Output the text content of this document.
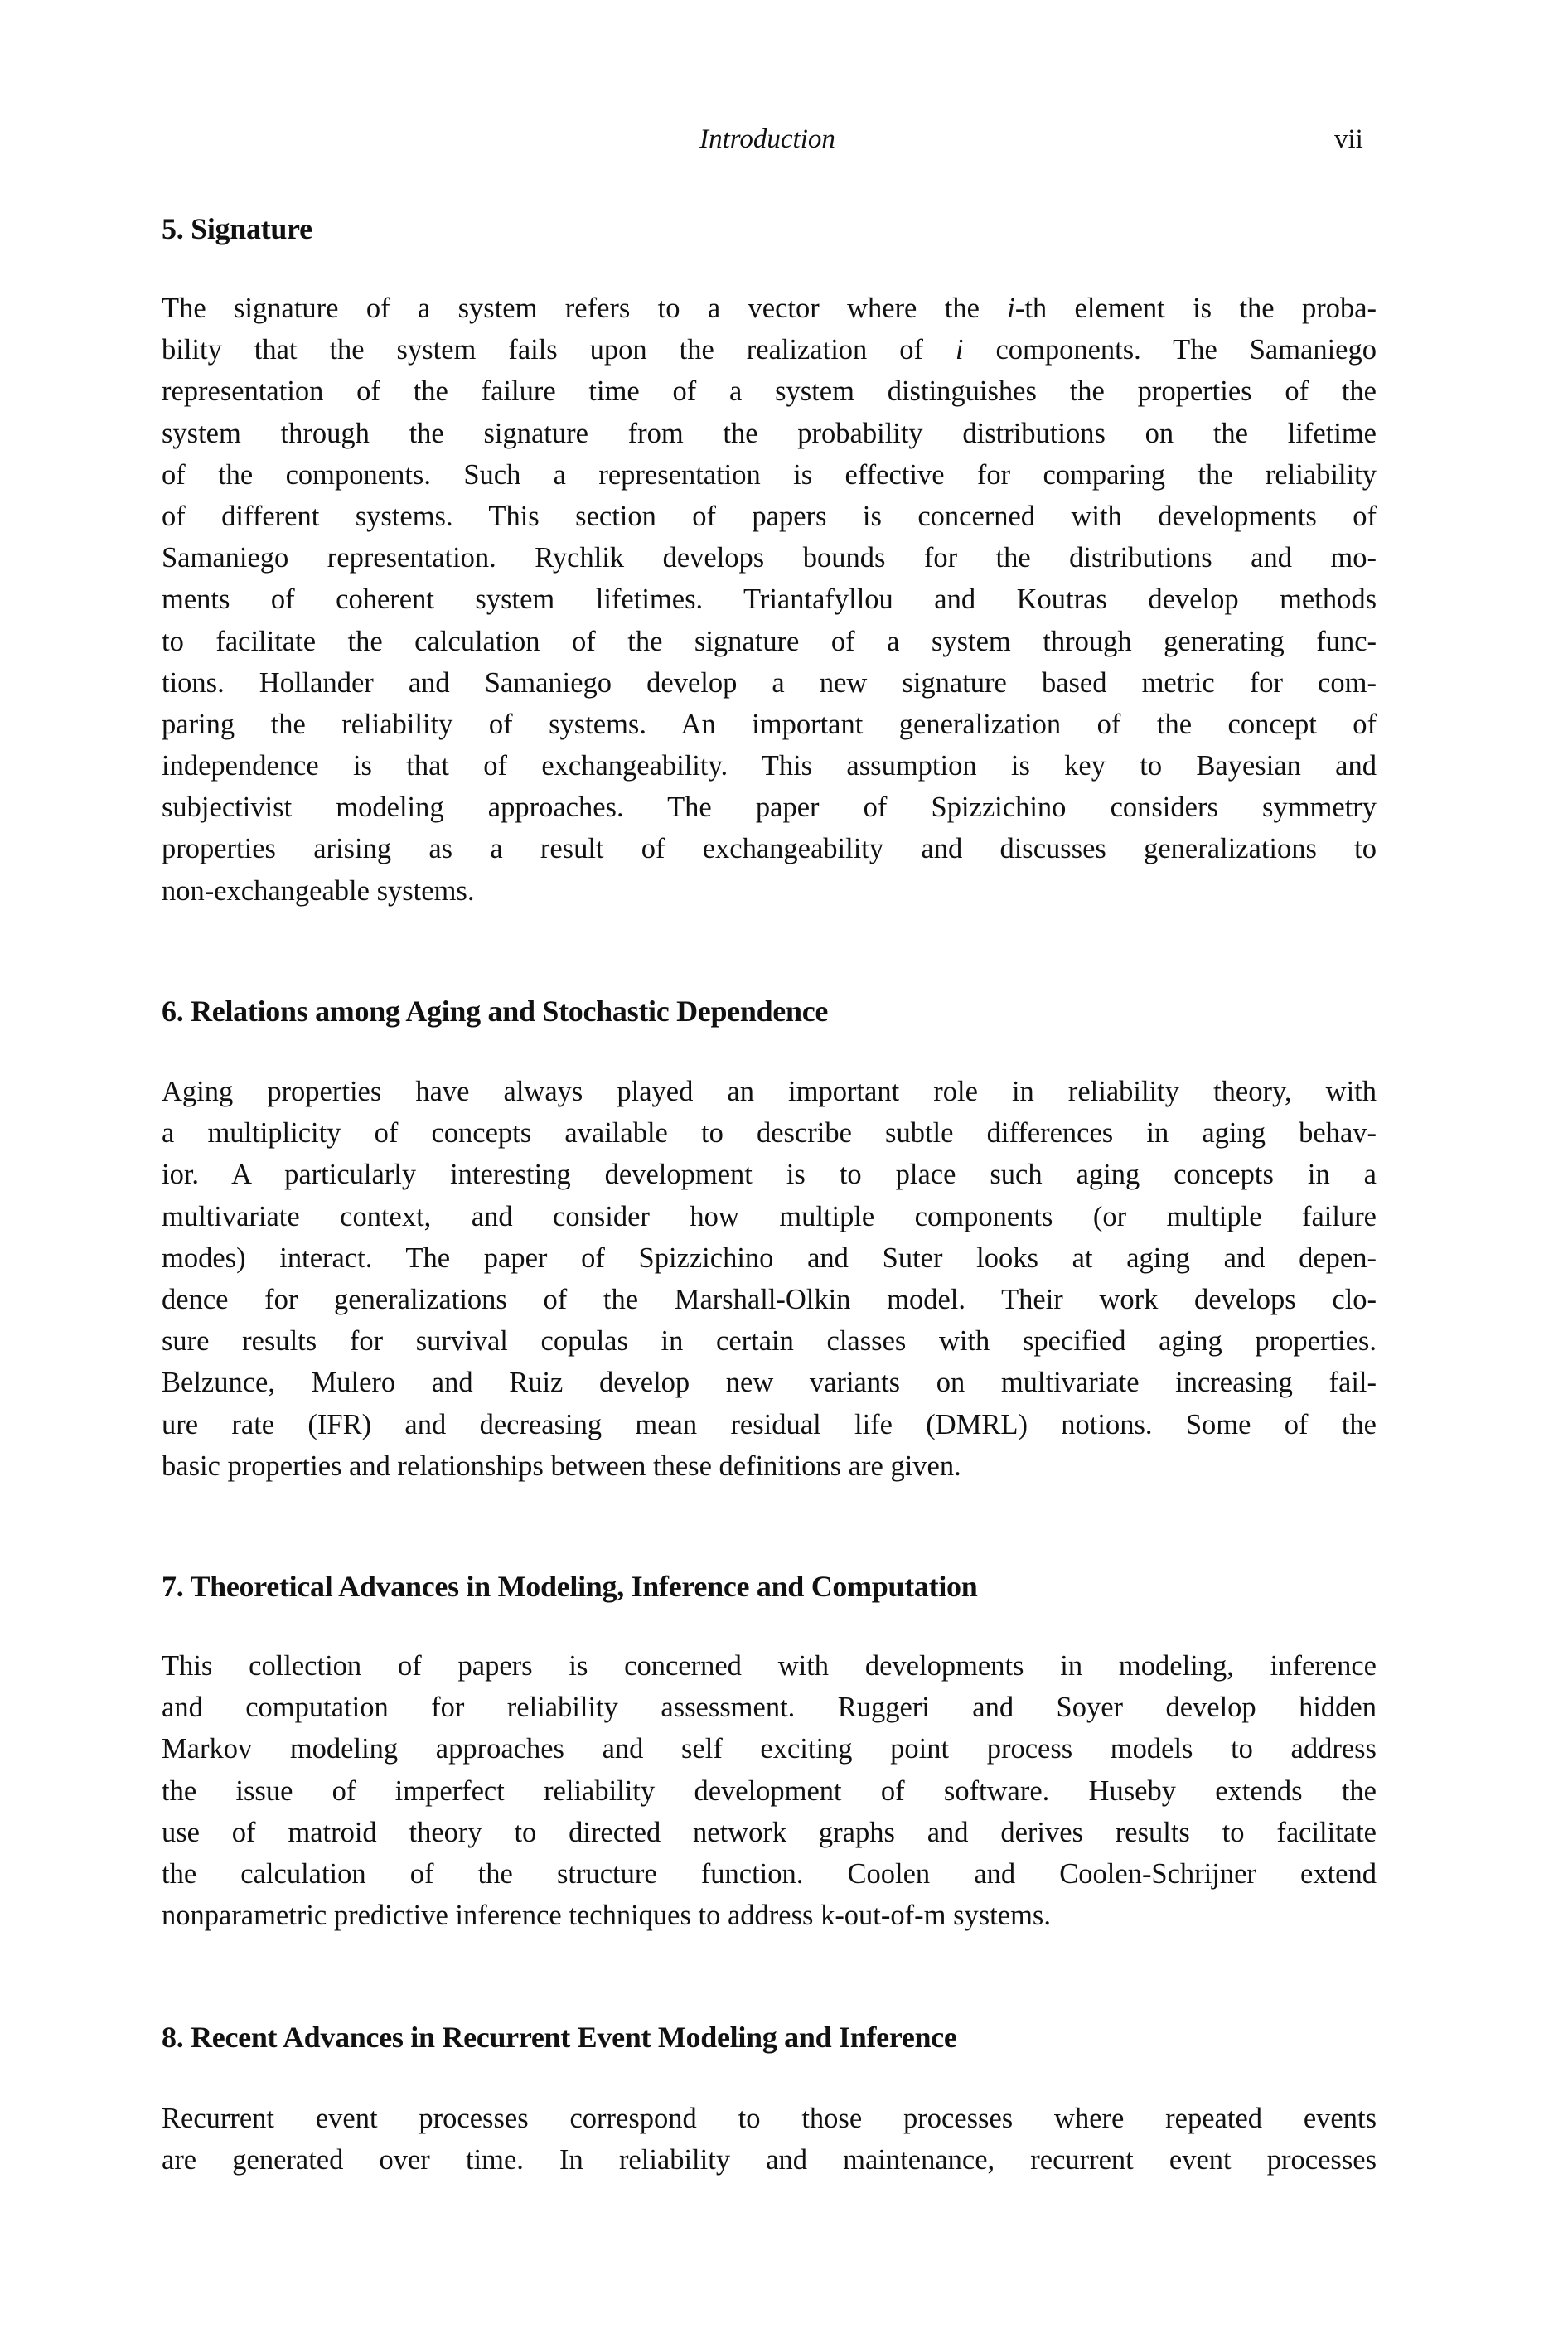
Introduction	vii
5. Signature
The signature of a system refers to a vector where the i-th element is the proba-
bility that the system fails upon the realization of i components. The Samaniego
representation of the failure time of a system distinguishes the properties of the
system through the signature from the probability distributions on the lifetime
of the components. Such a representation is effective for comparing the reliability
of different systems. This section of papers is concerned with developments of
Samaniego representation. Rychlik develops bounds for the distributions and mo-
ments of coherent system lifetimes. Triantafyllou and Koutras develop methods
to facilitate the calculation of the signature of a system through generating func-
tions. Hollander and Samaniego develop a new signature based metric for com-
paring the reliability of systems. An important generalization of the concept of
independence is that of exchangeability. This assumption is key to Bayesian and
subjectivist modeling approaches. The paper of Spizzichino considers symmetry
properties arising as a result of exchangeability and discusses generalizations to
non-exchangeable systems.
6. Relations among Aging and Stochastic Dependence
Aging properties have always played an important role in reliability theory, with
a multiplicity of concepts available to describe subtle differences in aging behav-
ior. A particularly interesting development is to place such aging concepts in a
multivariate context, and consider how multiple components (or multiple failure
modes) interact. The paper of Spizzichino and Suter looks at aging and depen-
dence for generalizations of the Marshall-Olkin model. Their work develops clo-
sure results for survival copulas in certain classes with specified aging properties.
Belzunce, Mulero and Ruiz develop new variants on multivariate increasing fail-
ure rate (IFR) and decreasing mean residual life (DMRL) notions. Some of the
basic properties and relationships between these definitions are given.
7. Theoretical Advances in Modeling, Inference and Computation
This collection of papers is concerned with developments in modeling, inference
and computation for reliability assessment. Ruggeri and Soyer develop hidden
Markov modeling approaches and self exciting point process models to address
the issue of imperfect reliability development of software. Huseby extends the
use of matroid theory to directed network graphs and derives results to facilitate
the calculation of the structure function. Coolen and Coolen-Schrijner extend
nonparametric predictive inference techniques to address k-out-of-m systems.
8. Recent Advances in Recurrent Event Modeling and Inference
Recurrent event processes correspond to those processes where repeated events
are generated over time. In reliability and maintenance, recurrent event processes
